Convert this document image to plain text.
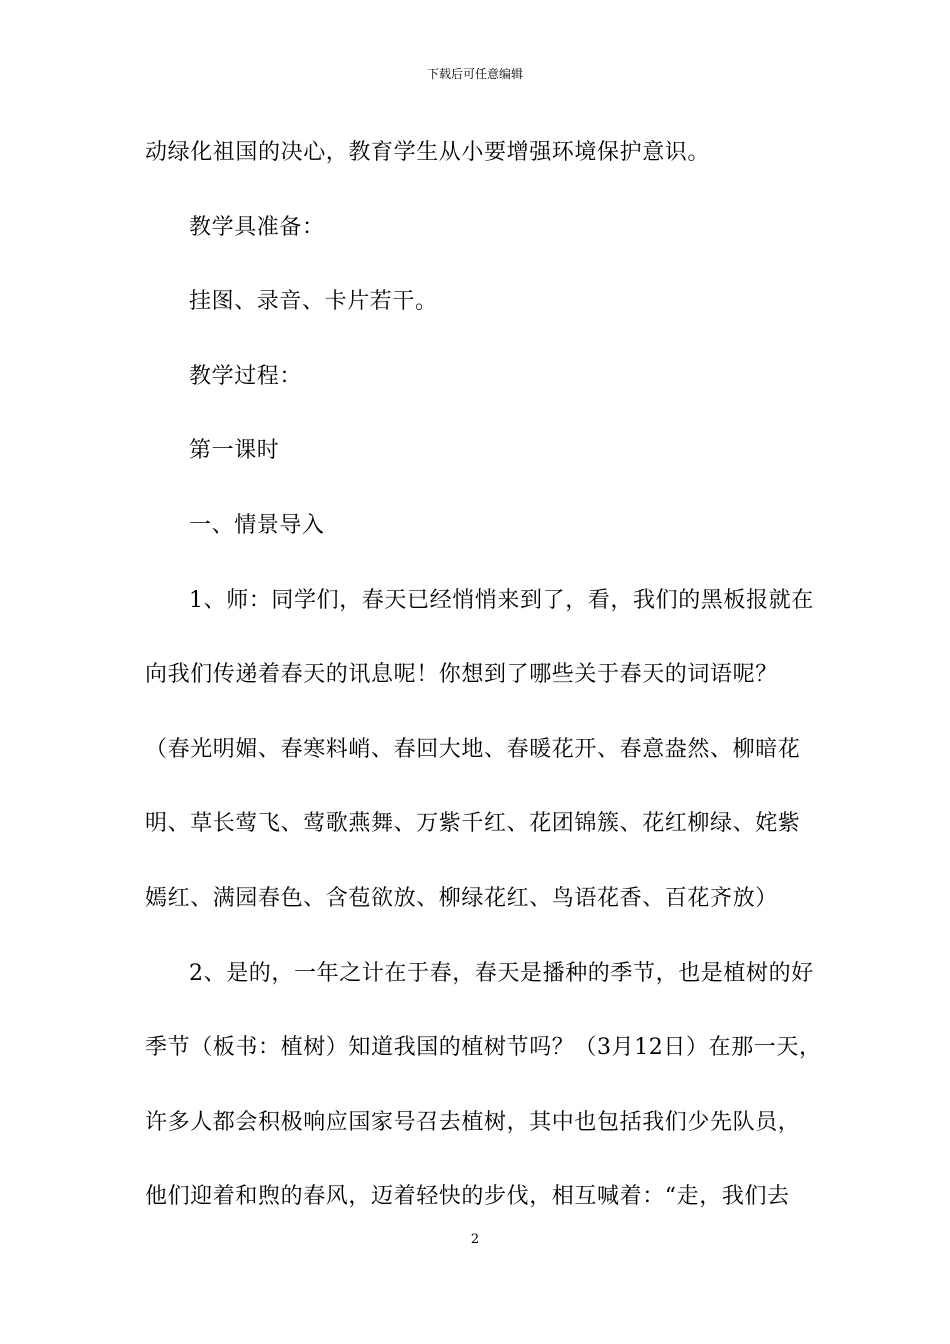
下载后可任意编辑
动绿化祖国的决心，教育学生从小要增强环境保护意识。
教学具准备：
挂图、录音、卡片若干。
教学过程：
第一课时
一、情景导入
1、师：同学们，春天已经悄悄来到了，看，我们的黑板报就在
向我们传递着春天的讯息呢！你想到了哪些关于春天的词语呢？
（春光明媚、春寒料峭、春回大地、春暖花开、春意盎然、柳暗花
明、草长莺飞、莺歌燕舞、万紫千红、花团锦簇、花红柳绿、姹紫
嫣红、满园春色、含苞欲放、柳绿花红、鸟语花香、百花齐放）
2、是的，一年之计在于春，春天是播种的季节，也是植树的好
季节（板书：植树）知道我国的植树节吗？（3月12日）在那一天，
许多人都会积极响应国家号召去植树，其中也包括我们少先队员，
他们迎着和煦的春风，迈着轻快的步伐，相互喊着：“走，我们去
2
